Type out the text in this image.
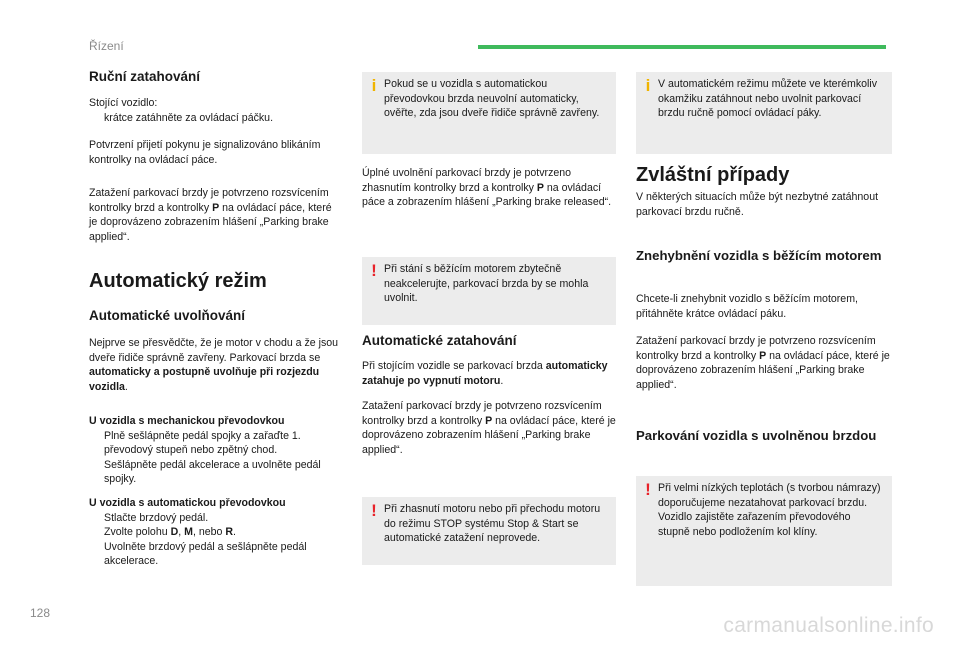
Řízení
Ruční zatahování

Stojící vozidlo:

krátce zatáhněte za ovládací páčku.

Potvrzení přijetí pokynu je signalizováno blikáním kontrolky na ovládací páce.

Zatažení parkovací brzdy je potvrzeno rozsvícením kontrolky brzd a kontrolky P na ovládací páce, které je doprovázeno zobrazením hlášení „Parking brake applied“.

Automatický režim
Automatické uvolňování

Nejprve se přesvědčte, že je motor v chodu a že jsou dveře řidiče správně zavřeny. Parkovací brzda se automaticky a postupně uvolňuje při rozjezdu vozidla.

U vozidla s mechanickou převodovkou

Plně sešlápněte pedál spojky a zařaďte 1. převodový stupeň nebo zpětný chod.
Sešlápněte pedál akcelerace a uvolněte pedál spojky.

U vozidla s automatickou převodovkou

Stlačte brzdový pedál.
Zvolte polohu D, M, nebo R.
Uvolněte brzdový pedál a sešlápněte pedál akcelerace.
i Pokud se u vozidla s automatickou převodovkou brzda neuvolní automaticky, ověřte, zda jsou dveře řidiče správně zavřeny.

Úplné uvolnění parkovací brzdy je potvrzeno zhasnutím kontrolky brzd a kontrolky P na ovládací páce a zobrazením hlášení „Parking brake released“.

! Při stání s běžícím motorem zbytečně neakcelerujte, parkovací brzda by se mohla uvolnit.

Automatické zatahování

Při stojícím vozidle se parkovací brzda automaticky zatahuje po vypnutí motoru.

Zatažení parkovací brzdy je potvrzeno rozsvícením kontrolky brzd a kontrolky P na ovládací páce, které je doprovázeno zobrazením hlášení „Parking brake applied“.

! Při zhasnutí motoru nebo při přechodu motoru do režimu STOP systému Stop & Start se automatické zatažení neprovede.

i V automatickém režimu můžete ve kterémkoliv okamžiku zatáhnout nebo uvolnit parkovací brzdu ručně pomocí ovládací páky.

Zvláštní případy

V některých situacích může být nezbytné zatáhnout parkovací brzdu ručně.

Znehybnění vozidla s běžícím motorem

Chcete-li znehybnit vozidlo s běžícím motorem, přitáhněte krátce ovládací páku.

Zatažení parkovací brzdy je potvrzeno rozsvícením kontrolky brzd a kontrolky P na ovládací páce, které je doprovázeno zobrazením hlášení „Parking brake applied“.

Parkování vozidla s uvolněnou brzdou
! Při velmi nízkých teplotách (s tvorbou námrazy) doporučujeme nezatahovat parkovací brzdu.

Vozidlo zajistěte zařazením převodového stupně nebo podložením kol klíny.

128
carmanualsonline.info
